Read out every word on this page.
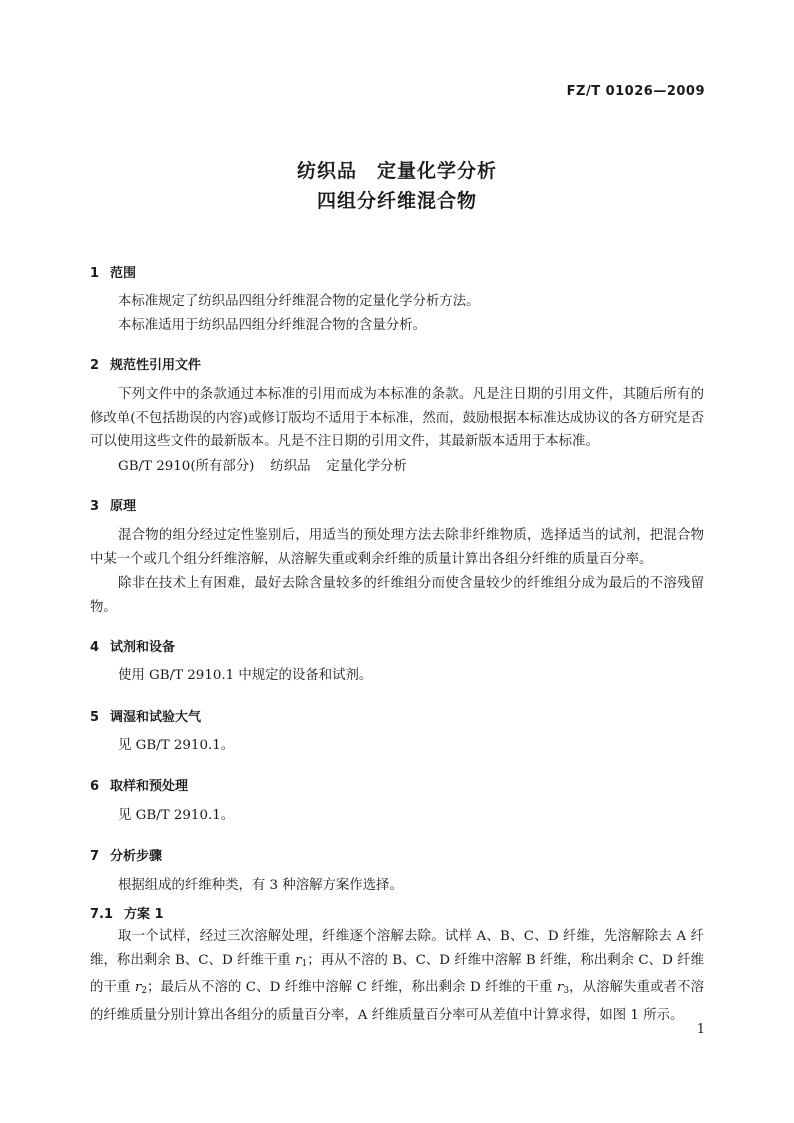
FZ/T 01026—2009
纺织品 定量化学分析
四组分纤维混合物
1 范围
本标准规定了纺织品四组分纤维混合物的定量化学分析方法。
本标准适用于纺织品四组分纤维混合物的含量分析。
2 规范性引用文件
下列文件中的条款通过本标准的引用而成为本标准的条款。凡是注日期的引用文件，其随后所有的修改单(不包括勘误的内容)或修订版均不适用于本标准，然而，鼓励根据本标准达成协议的各方研究是否可以使用这些文件的最新版本。凡是不注日期的引用文件，其最新版本适用于本标准。
GB/T 2910(所有部分) 纺织品 定量化学分析
3 原理
混合物的组分经过定性鉴别后，用适当的预处理方法去除非纤维物质，选择适当的试剂，把混合物中某一个或几个组分纤维溶解，从溶解失重或剩余纤维的质量计算出各组分纤维的质量百分率。
除非在技术上有困难，最好去除含量较多的纤维组分而使含量较少的纤维组分成为最后的不溶残留物。
4 试剂和设备
使用 GB/T 2910.1 中规定的设备和试剂。
5 调湿和试验大气
见 GB/T 2910.1。
6 取样和预处理
见 GB/T 2910.1。
7 分析步骤
根据组成的纤维种类，有 3 种溶解方案作选择。
7.1 方案 1
取一个试样，经过三次溶解处理，纤维逐个溶解去除。试样 A、B、C、D 纤维，先溶解除去 A 纤维，称出剩余 B、C、D 纤维干重 $r_1$；再从不溶的 B、C、D 纤维中溶解 B 纤维，称出剩余 C、D 纤维的干重 $r_2$；最后从不溶的 C、D 纤维中溶解 C 纤维，称出剩余 D 纤维的干重 $r_3$，从溶解失重或者不溶的纤维质量分别计算出各组分的质量百分率，A 纤维质量百分率可从差值中计算求得，如图 1 所示。
1
